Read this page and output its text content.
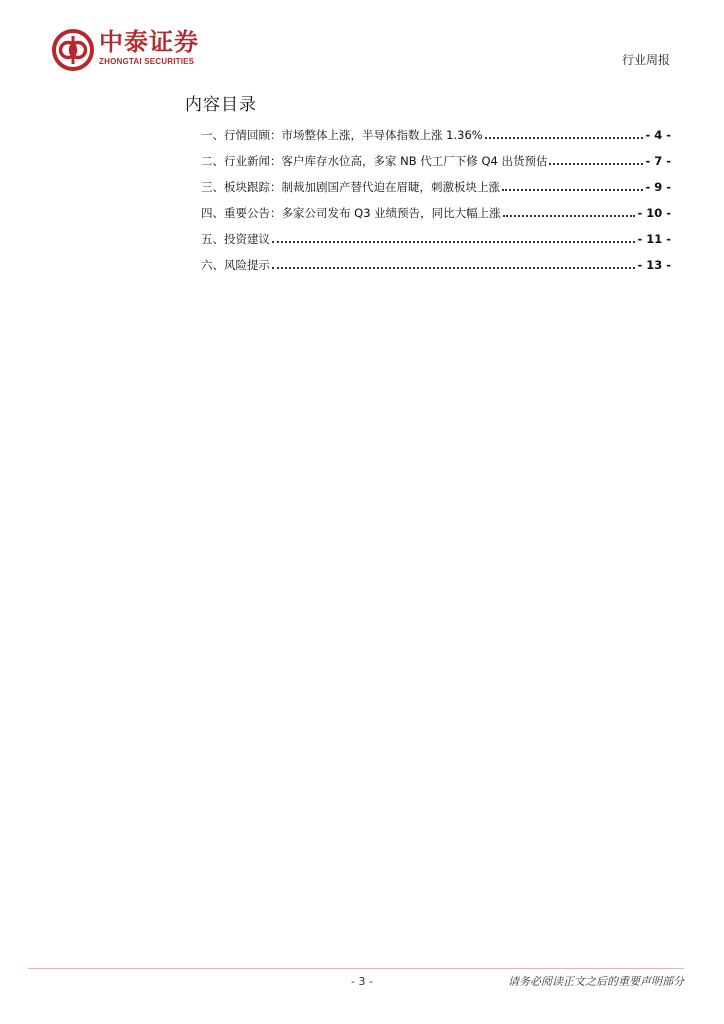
中泰证券
ZHONGTAI SECURITIES	行业周报
内容目录
一、行情回顾：市场整体上涨，半导体指数上涨 1.36%	- 4 -
二、行业新闻：客户库存水位高，多家 NB 代工厂下修 Q4 出货预估	- 7 -
三、板块跟踪：制裁加剧国产替代迫在眉睫，刺激板块上涨	- 9 -
四、重要公告：多家公司发布 Q3 业绩预告，同比大幅上涨	- 10 -
五、投资建议	- 11 -
六、风险提示	- 13 -
- 3 -	请务必阅读正文之后的重要声明部分
